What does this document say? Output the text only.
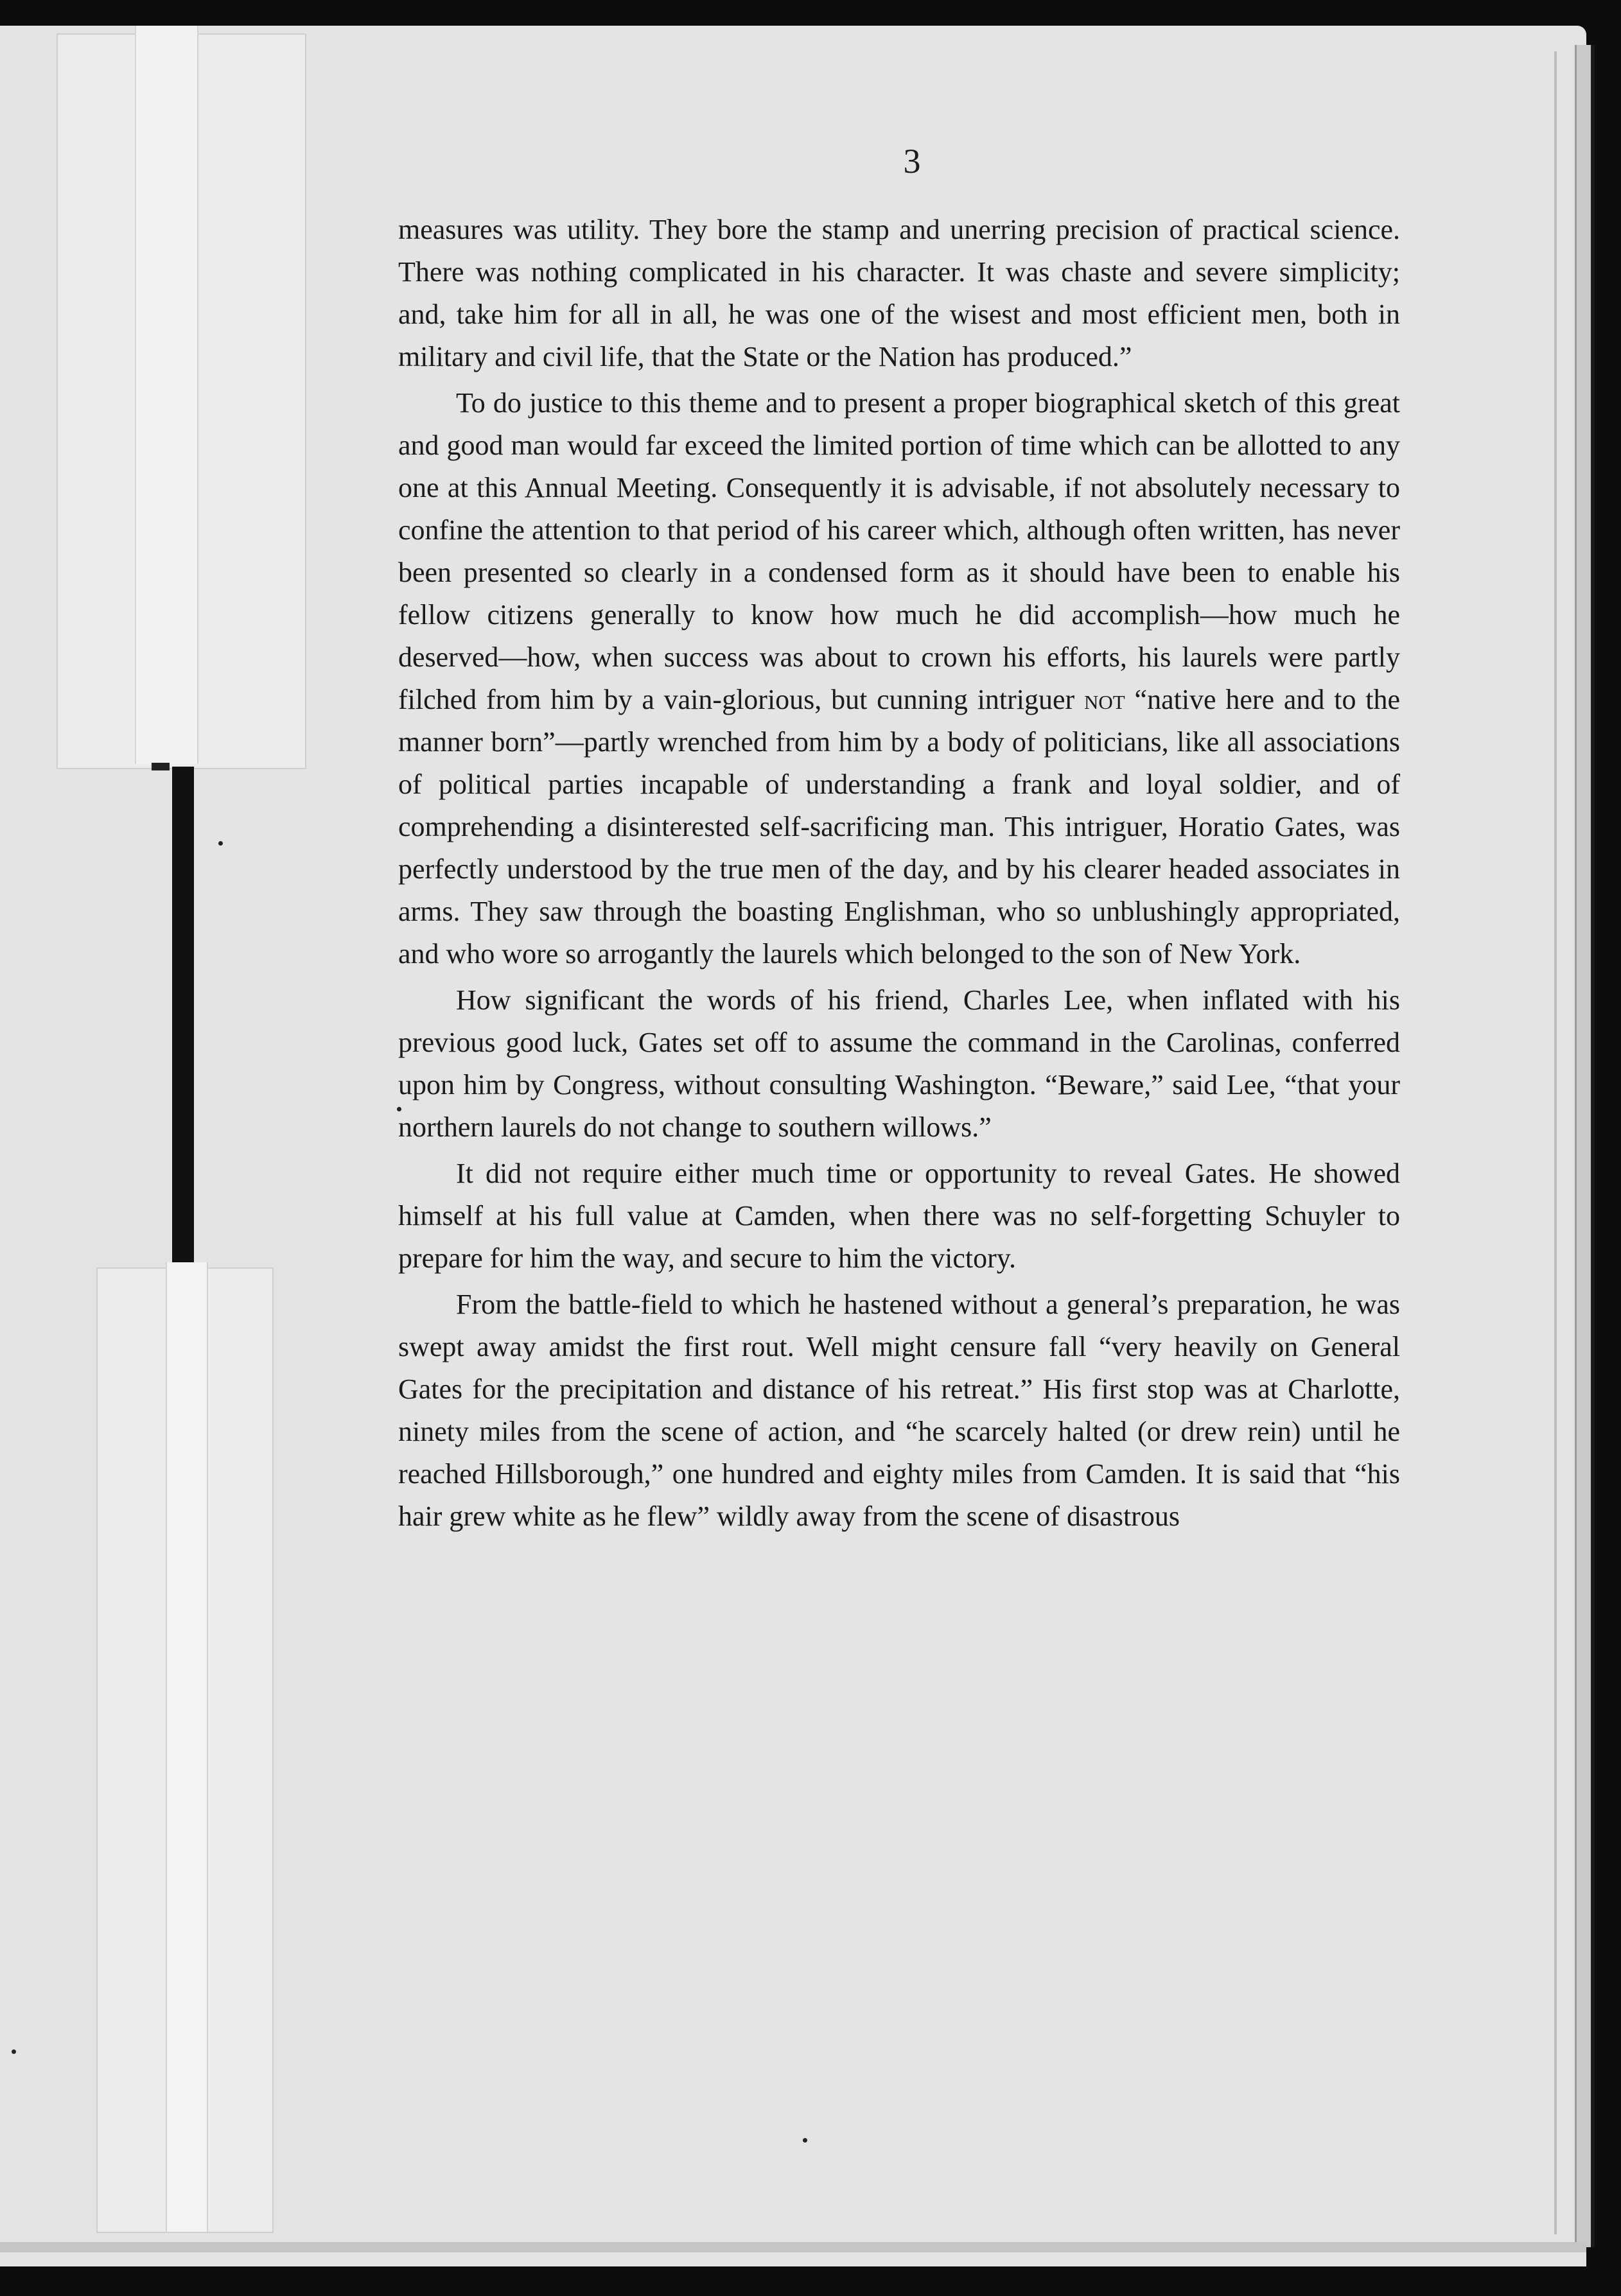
3

measures was utility. They bore the stamp and unerring precision of practical science. There was nothing complicated in his character. It was chaste and severe simplicity; and, take him for all in all, he was one of the wisest and most efficient men, both in military and civil life, that the State or the Nation has produced.”

To do justice to this theme and to present a proper biographical sketch of this great and good man would far exceed the limited portion of time which can be allotted to any one at this Annual Meeting. Consequently it is advisable, if not absolutely necessary to confine the attention to that period of his career which, although often written, has never been presented so clearly in a condensed form as it should have been to enable his fellow citizens generally to know how much he did accomplish—how much he deserved—how, when success was about to crown his efforts, his laurels were partly filched from him by a vain-glorious, but cunning intriguer not “native here and to the manner born”—partly wrenched from him by a body of politicians, like all associations of political parties incapable of understanding a frank and loyal soldier, and of comprehending a disinterested self-sacrificing man. This intriguer, Horatio Gates, was perfectly understood by the true men of the day, and by his clearer headed associates in arms. They saw through the boasting Englishman, who so unblushingly appropriated, and who wore so arrogantly the laurels which belonged to the son of New York.

How significant the words of his friend, Charles Lee, when inflated with his previous good luck, Gates set off to assume the command in the Carolinas, conferred upon him by Congress, without consulting Washington. “Beware,” said Lee, “that your northern laurels do not change to southern willows.”

It did not require either much time or opportunity to reveal Gates. He showed himself at his full value at Camden, when there was no self-forgetting Schuyler to prepare for him the way, and secure to him the victory.

From the battle-field to which he hastened without a general’s preparation, he was swept away amidst the first rout. Well might censure fall “very heavily on General Gates for the precipitation and distance of his retreat.” His first stop was at Charlotte, ninety miles from the scene of action, and “he scarcely halted (or drew rein) until he reached Hillsborough,” one hundred and eighty miles from Camden. It is said that “his hair grew white as he flew” wildly away from the scene of disastrous
